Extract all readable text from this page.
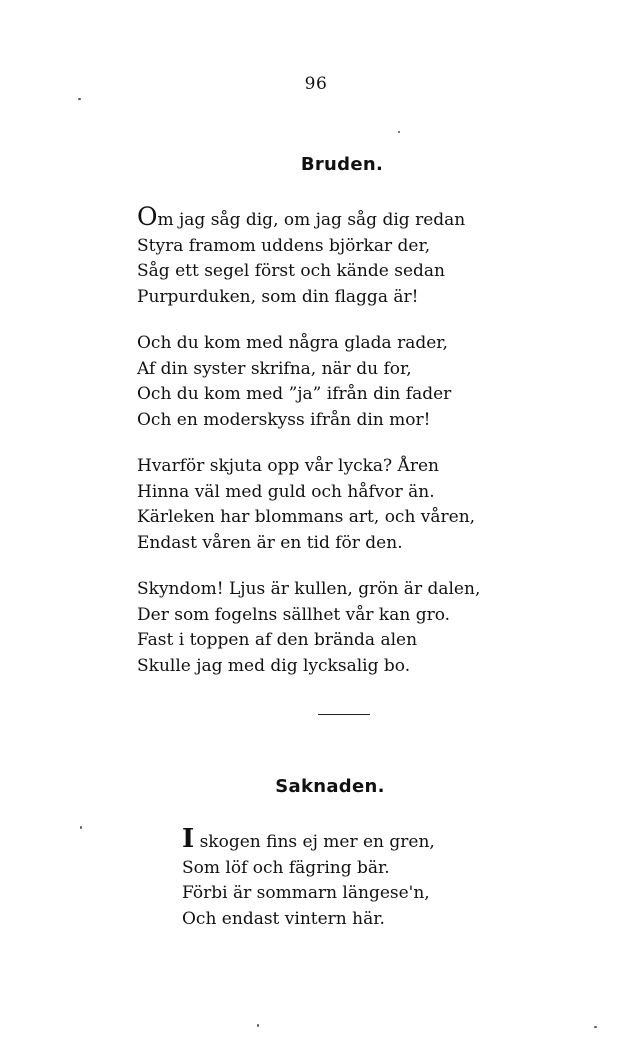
96
Bruden.
Om jag såg dig, om jag såg dig redan
Styra framom uddens björkar der,
Såg ett segel först och kände sedan
Purpurduken, som din flagga är!
Och du kom med några glada rader,
Af din syster skrifna, när du for,
Och du kom med ”ja” ifrån din fader
Och en moderskyss ifrån din mor!
Hvarför skjuta opp vår lycka? Åren
Hinna väl med guld och håfvor än.
Kärleken har blommans art, och våren,
Endast våren är en tid för den.
Skyndom! Ljus är kullen, grön är dalen,
Der som fogelns sällhet vår kan gro.
Fast i toppen af den brända alen
Skulle jag med dig lycksalig bo.
Saknaden.
I skogen fins ej mer en gren,
Som löf och fägring bär.
Förbi är sommarn längese'n,
Och endast vintern här.
